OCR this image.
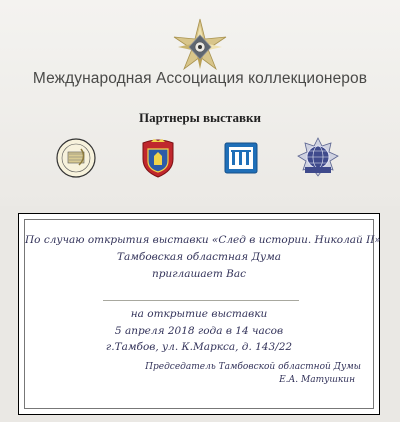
Международная Ассоциация коллекционеров
Партнеры выставки
По случаю открытия выставки «След в истории. Николай II»
Тамбовская областная Дума
приглашает Вас
на открытие выставки
5 апреля 2018 года в 14 часов
г.Тамбов, ул. К.Маркса, д. 143/22
Председатель Тамбовской областной Думы
Е.А. Матушкин
